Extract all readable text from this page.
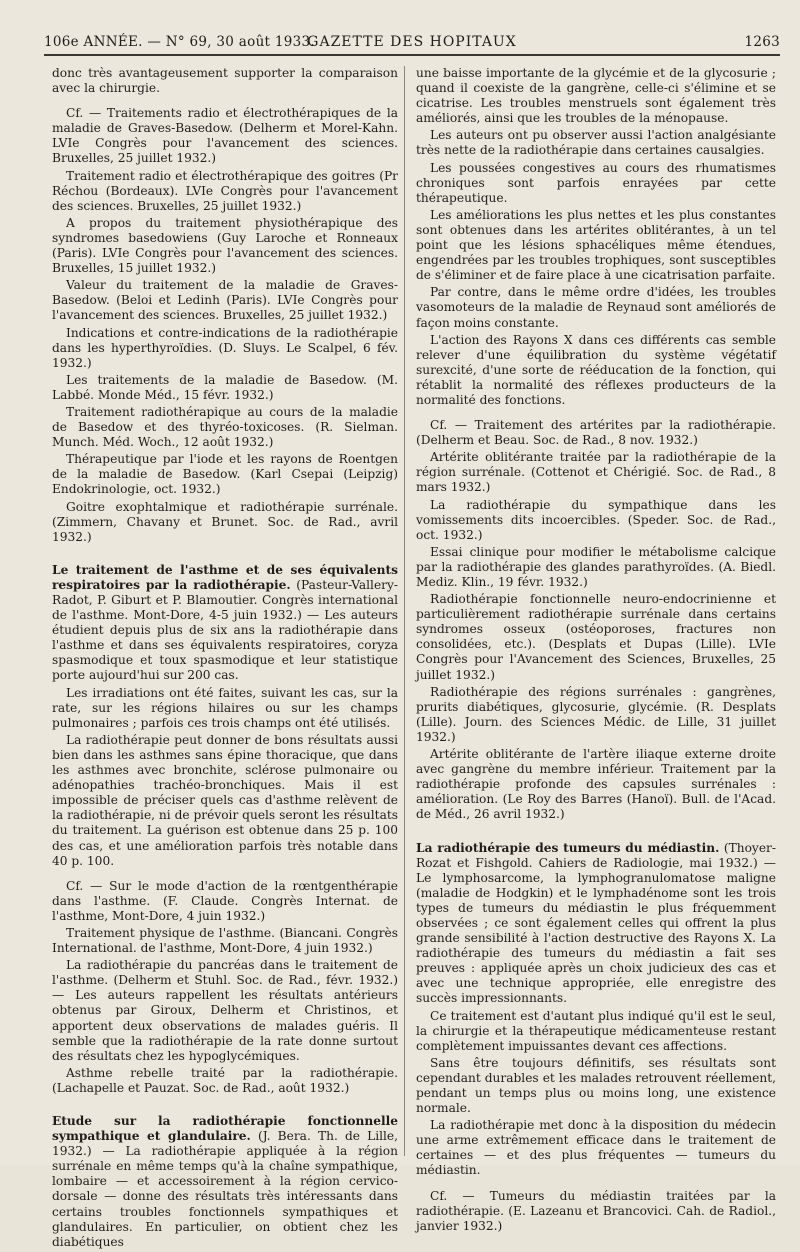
106e ANNÉE. — N° 69, 30 août 1933.
GAZETTE DES HOPITAUX	1263

donc très avantageusement supporter la comparaison avec la chirurgie.

Cf. — Traitements radio et électrothérapiques de la maladie de Graves-Basedow. (Delherm et Morel-Kahn. LVIe Congrès pour l'avancement des sciences. Bruxelles, 25 juillet 1932.)

Traitement radio et électrothérapique des goitres (Pr Réchou (Bordeaux). LVIe Congrès pour l'avancement des sciences. Bruxelles, 25 juillet 1932.)

A propos du traitement physiothérapique des syndromes basedowiens (Guy Laroche et Ronneaux (Paris). LVIe Congrès pour l'avancement des sciences. Bruxelles, 15 juillet 1932.)

Valeur du traitement de la maladie de Graves-Basedow. (Beloi et Ledinh (Paris). LVIe Congrès pour l'avancement des sciences. Bruxelles, 25 juillet 1932.)

Indications et contre-indications de la radiothérapie dans les hyperthyroïdies. (D. Sluys. Le Scalpel, 6 fév. 1932.)

Les traitements de la maladie de Basedow. (M. Labbé. Monde Méd., 15 févr. 1932.)

Traitement radiothérapique au cours de la maladie de Basedow et des thyréo-toxicoses. (R. Sielman. Munch. Méd. Woch., 12 août 1932.)

Thérapeutique par l'iode et les rayons de Roentgen de la maladie de Basedow. (Karl Csepai (Leipzig) Endokrinologie, oct. 1932.)

Goitre exophtalmique et radiothérapie surrénale. (Zimmern, Chavany et Brunet. Soc. de Rad., avril 1932.)

Le traitement de l'asthme et de ses équivalents respiratoires par la radiothérapie. (Pasteur-Vallery-Radot, P. Giburt et P. Blamoutier. Congrès international de l'asthme. Mont-Dore, 4-5 juin 1932.) — Les auteurs étudient depuis plus de six ans la radiothérapie dans l'asthme et dans ses équivalents respiratoires, coryza spasmodique et toux spasmodique et leur statistique porte aujourd'hui sur 200 cas.

Les irradiations ont été faites, suivant les cas, sur la rate, sur les régions hilaires ou sur les champs pulmonaires ; parfois ces trois champs ont été utilisés.

La radiothérapie peut donner de bons résultats aussi bien dans les asthmes sans épine thoracique, que dans les asthmes avec bronchite, sclérose pulmonaire ou adénopathies trachéo-bronchiques. Mais il est impossible de préciser quels cas d'asthme relèvent de la radiothérapie, ni de prévoir quels seront les résultats du traitement. La guérison est obtenue dans 25 p. 100 des cas, et une amélioration parfois très notable dans 40 p. 100.

Cf. — Sur le mode d'action de la rœntgenthérapie dans l'asthme. (F. Claude. Congrès Internat. de l'asthme, Mont-Dore, 4 juin 1932.)

Traitement physique de l'asthme. (Biancani. Congrès International. de l'asthme, Mont-Dore, 4 juin 1932.)

La radiothérapie du pancréas dans le traitement de l'asthme. (Delherm et Stuhl. Soc. de Rad., févr. 1932.) — Les auteurs rappellent les résultats antérieurs obtenus par Giroux, Delherm et Christinos, et apportent deux observations de malades guéris. Il semble que la radiothérapie de la rate donne surtout des résultats chez les hypoglycémiques.

Asthme rebelle traité par la radiothérapie. (Lachapelle et Pauzat. Soc. de Rad., août 1932.)

Etude sur la radiothérapie fonctionnelle sympathique et glandulaire. (J. Bera. Th. de Lille, 1932.) — La radiothérapie appliquée à la région surrénale en même temps qu'à la chaîne sympathique, lombaire — et accessoirement à la région cervico-dorsale — donne des résultats très intéressants dans certains troubles fonctionnels sympathiques et glandulaires. En particulier, on obtient chez les diabétiques

une baisse importante de la glycémie et de la glycosurie ; quand il coexiste de la gangrène, celle-ci s'élimine et se cicatrise. Les troubles menstruels sont également très améliorés, ainsi que les troubles de la ménopause.

Les auteurs ont pu observer aussi l'action analgésiante très nette de la radiothérapie dans certaines causalgies.

Les poussées congestives au cours des rhumatismes chroniques sont parfois enrayées par cette thérapeutique.

Les améliorations les plus nettes et les plus constantes sont obtenues dans les artérites oblitérantes, à un tel point que les lésions sphacéliques même étendues, engendrées par les troubles trophiques, sont susceptibles de s'éliminer et de faire place à une cicatrisation parfaite.

Par contre, dans le même ordre d'idées, les troubles vasomoteurs de la maladie de Reynaud sont améliorés de façon moins constante.

L'action des Rayons X dans ces différents cas semble relever d'une équilibration du système végétatif surexcité, d'une sorte de rééducation de la fonction, qui rétablit la normalité des réflexes producteurs de la normalité des fonctions.

Cf. — Traitement des artérites par la radiothérapie. (Delherm et Beau. Soc. de Rad., 8 nov. 1932.)

Artérite oblitérante traitée par la radiothérapie de la région surrénale. (Cottenot et Chérigié. Soc. de Rad., 8 mars 1932.)

La radiothérapie du sympathique dans les vomissements dits incoercibles. (Speder. Soc. de Rad., oct. 1932.)

Essai clinique pour modifier le métabolisme calcique par la radiothérapie des glandes parathyroïdes. (A. Biedl. Mediz. Klin., 19 févr. 1932.)

Radiothérapie fonctionnelle neuro-endocrinienne et particulièrement radiothérapie surrénale dans certains syndromes osseux (ostéoporoses, fractures non consolidées, etc.). (Desplats et Dupas (Lille). LVIe Congrès pour l'Avancement des Sciences, Bruxelles, 25 juillet 1932.)

Radiothérapie des régions surrénales : gangrènes, prurits diabétiques, glycosurie, glycémie. (R. Desplats (Lille). Journ. des Sciences Médic. de Lille, 31 juillet 1932.)

Artérite oblitérante de l'artère iliaque externe droite avec gangrène du membre inférieur. Traitement par la radiothérapie profonde des capsules surrénales : amélioration. (Le Roy des Barres (Hanoï). Bull. de l'Acad. de Méd., 26 avril 1932.)

La radiothérapie des tumeurs du médiastin. (Thoyer-Rozat et Fishgold. Cahiers de Radiologie, mai 1932.) — Le lymphosarcome, la lymphogranulomatose maligne (maladie de Hodgkin) et le lymphadénome sont les trois types de tumeurs du médiastin le plus fréquemment observées ; ce sont également celles qui offrent la plus grande sensibilité à l'action destructive des Rayons X. La radiothérapie des tumeurs du médiastin a fait ses preuves : appliquée après un choix judicieux des cas et avec une technique appropriée, elle enregistre des succès impressionnants.

Ce traitement est d'autant plus indiqué qu'il est le seul, la chirurgie et la thérapeutique médicamenteuse restant complètement impuissantes devant ces affections.

Sans être toujours définitifs, ses résultats sont cependant durables et les malades retrouvent réellement, pendant un temps plus ou moins long, une existence normale.

La radiothérapie met donc à la disposition du médecin une arme extrêmement efficace dans le traitement de certaines — et des plus fréquentes — tumeurs du médiastin.

Cf. — Tumeurs du médiastin traitées par la radiothérapie. (E. Lazeanu et Brancovici. Cah. de Radiol., janvier 1932.)
